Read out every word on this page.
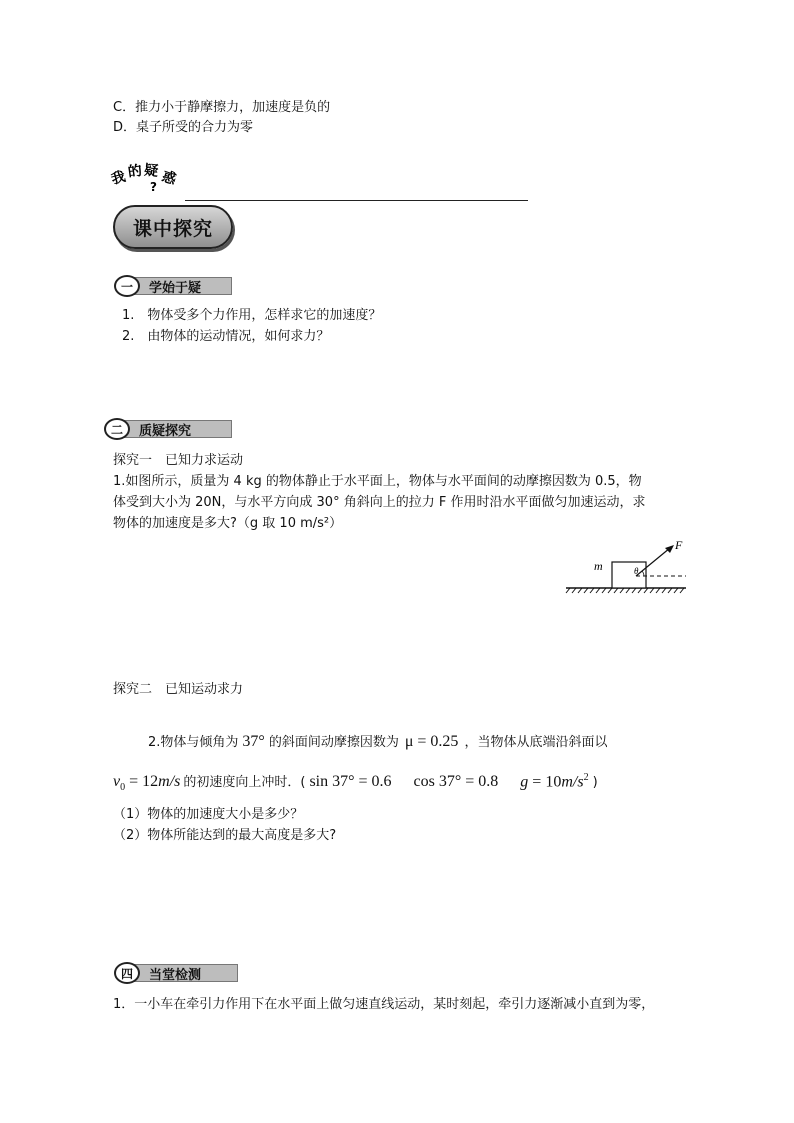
C．推力小于静摩擦力，加速度是负的
D．桌子所受的合力为零
我 的 疑 惑
?
课中探究
一	学始于疑
1.　物体受多个力作用，怎样求它的加速度？
2.　由物体的运动情况，如何求力？
二	质疑探究
探究一　已知力求运动
1.如图所示，质量为 4 kg 的物体静止于水平面上，物体与水平面间的动摩擦因数为 0.5，物
体受到大小为 20N，与水平方向成 30° 角斜向上的拉力 F 作用时沿水平面做匀加速运动，求
物体的加速度是多大?（g 取 10 m/s²）
m
F
θ
探究二　已知运动求力
2.物体与倾角为 37° 的斜面间动摩擦因数为 μ = 0.25 ，当物体从底端沿斜面以
$v_0 = 12m/s$ 的初速度向上冲时．( sin 37° = 0.6 cos 37° = 0.8 $g = 10m/s^2$ )
（1）物体的加速度大小是多少？
（2）物体所能达到的最大高度是多大?
四	当堂检测
1．一小车在牵引力作用下在水平面上做匀速直线运动，某时刻起，牵引力逐渐减小直到为零，
